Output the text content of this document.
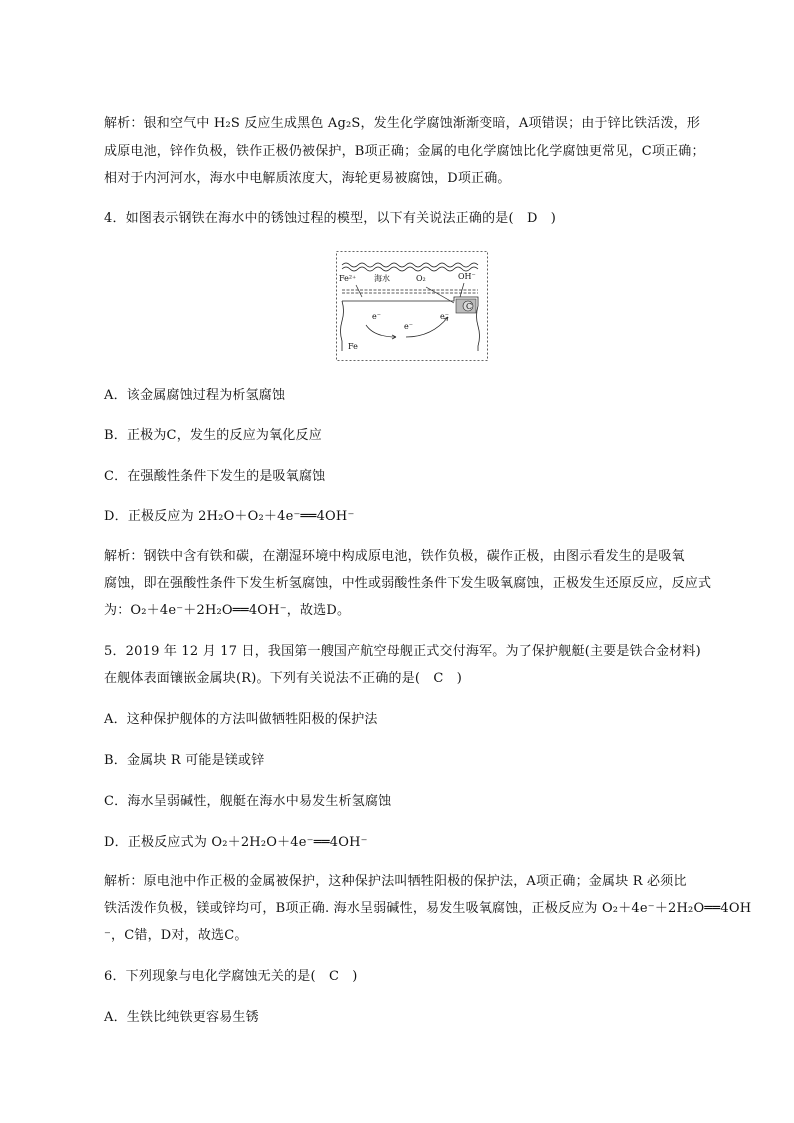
解析：银和空气中 H₂S 反应生成黑色 Ag₂S，发生化学腐蚀渐渐变暗，A项错误；由于锌比铁活泼，形
成原电池，锌作负极，铁作正极仍被保护，B项正确；金属的电化学腐蚀比化学腐蚀更常见，C项正确；
相对于内河河水，海水中电解质浓度大，海轮更易被腐蚀，D项正确。
4．如图表示钢铁在海水中的锈蚀过程的模型，以下有关说法正确的是(　D　)
C
Fe²⁺ 海水	O₂	OH⁻
e⁻
e⁻
e⁻
Fe
A．该金属腐蚀过程为析氢腐蚀
B．正极为C，发生的反应为氧化反应
C．在强酸性条件下发生的是吸氧腐蚀
D．正极反应为 2H₂O＋O₂＋4e⁻══4OH⁻
解析：钢铁中含有铁和碳，在潮湿环境中构成原电池，铁作负极，碳作正极，由图示看发生的是吸氧
腐蚀，即在强酸性条件下发生析氢腐蚀，中性或弱酸性条件下发生吸氧腐蚀，正极发生还原反应，反应式
为：O₂＋4e⁻＋2H₂O══4OH⁻，故选D。
5．2019 年 12 月 17 日，我国第一艘国产航空母舰正式交付海军。为了保护舰艇(主要是铁合金材料)
在舰体表面镶嵌金属块(R)。下列有关说法不正确的是(　C　)
A．这种保护舰体的方法叫做牺牲阳极的保护法
B．金属块 R 可能是镁或锌
C．海水呈弱碱性，舰艇在海水中易发生析氢腐蚀
D．正极反应式为 O₂＋2H₂O＋4e⁻══4OH⁻
解析：原电池中作正极的金属被保护，这种保护法叫牺牲阳极的保护法，A项正确；金属块 R 必须比
铁活泼作负极，镁或锌均可，B项正确. 海水呈弱碱性，易发生吸氧腐蚀，正极反应为 O₂＋4e⁻＋2H₂O══4OH
⁻，C错，D对，故选C。
6．下列现象与电化学腐蚀无关的是(　C　)
A．生铁比纯铁更容易生锈
